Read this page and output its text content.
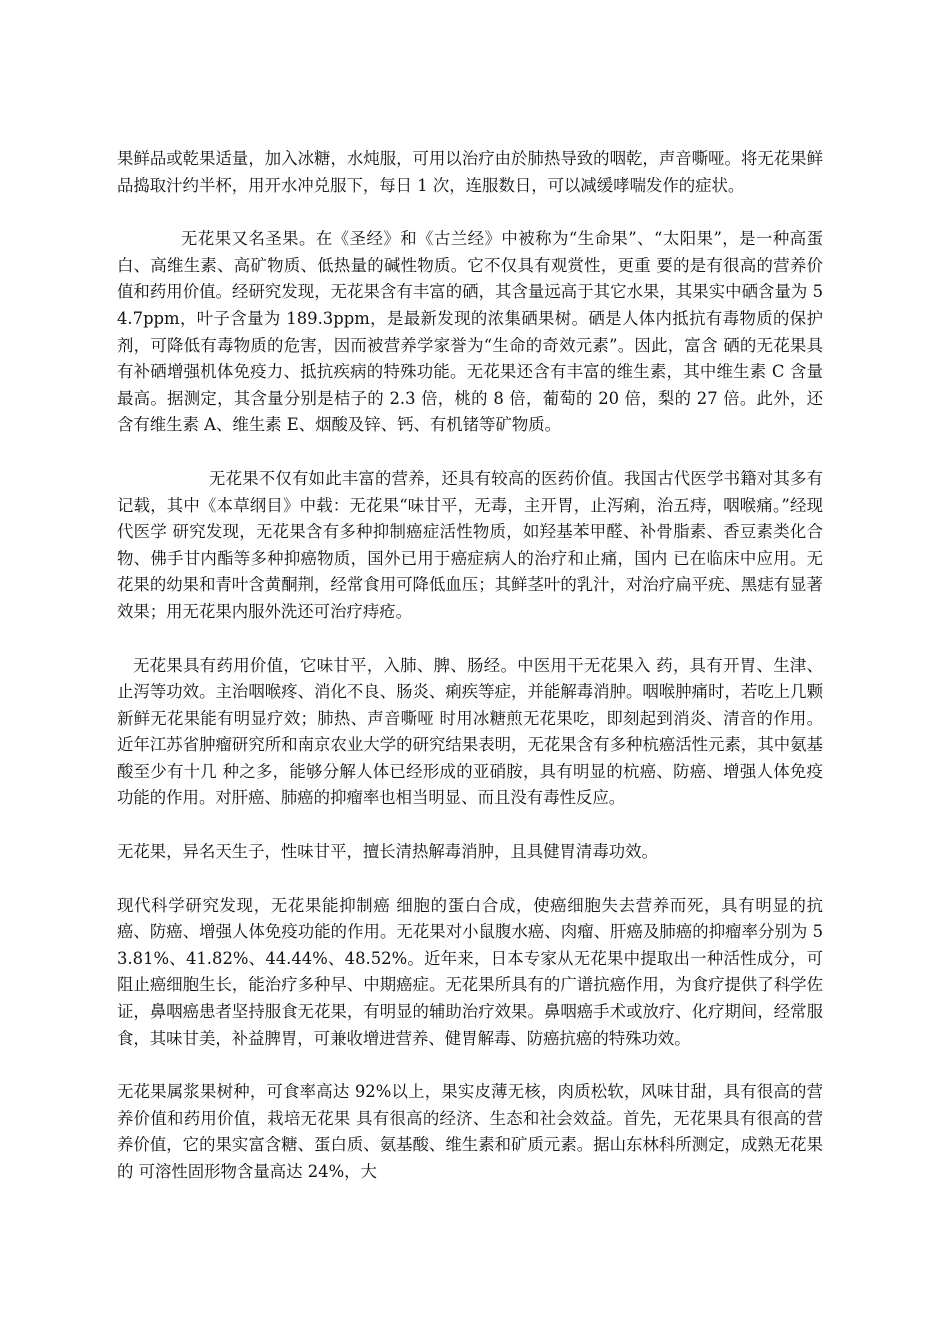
果鲜品或乾果适量，加入冰糖，水炖服，可用以治疗由於肺热导致的咽乾，声音嘶哑。将无花果鲜品捣取汁约半杯，用开水冲兑服下，每日 1 次，连服数日，可以减缓哮喘发作的症状。

无花果又名圣果。在《圣经》和《古兰经》中被称为“生命果”、“太阳果”，是一种高蛋白、高维生素、高矿物质、低热量的碱性物质。它不仅具有观赏性，更重 要的是有很高的营养价值和药用价值。经研究发现，无花果含有丰富的硒，其含量远高于其它水果，其果实中硒含量为 54.7ppm，叶子含量为 189.3ppm，是最新发现的浓集硒果树。硒是人体内抵抗有毒物质的保护剂，可降低有毒物质的危害，因而被营养学家誉为“生命的奇效元素”。因此，富含 硒的无花果具有补硒增强机体免疫力、抵抗疾病的特殊功能。无花果还含有丰富的维生素，其中维生素 C 含量最高。据测定，其含量分别是桔子的 2.3 倍，桃的 8 倍，葡萄的 20 倍，梨的 27 倍。此外，还含有维生素 A、维生素 E、烟酸及锌、钙、有机锗等矿物质。

无花果不仅有如此丰富的营养，还具有较高的医药价值。我国古代医学书籍对其多有记载，其中《本草纲目》中载：无花果“味甘平，无毒，主开胃，止泻痢，治五痔，咽喉痛。”经现代医学 研究发现，无花果含有多种抑制癌症活性物质，如羟基苯甲醛、补骨脂素、香豆素类化合物、佛手甘内酯等多种抑癌物质，国外已用于癌症病人的治疗和止痛，国内 已在临床中应用。无花果的幼果和青叶含黄酮荆，经常食用可降低血压；其鲜茎叶的乳汁，对治疗扁平疣、黑痣有显著效果；用无花果内服外洗还可治疗痔疮。

无花果具有药用价值，它味甘平，入肺、脾、肠经。中医用干无花果入 药，具有开胃、生津、止泻等功效。主治咽喉疼、消化不良、肠炎、痢疾等症，并能解毒消肿。咽喉肿痛时，若吃上几颗新鲜无花果能有明显疗效；肺热、声音嘶哑 时用冰糖煎无花果吃，即刻起到消炎、清音的作用。近年江苏省肿瘤研究所和南京农业大学的研究结果表明，无花果含有多种杭癌活性元素，其中氨基酸至少有十几 种之多，能够分解人体已经形成的亚硝胺，具有明显的杭癌、防癌、增强人体免疫功能的作用。对肝癌、肺癌的抑瘤率也相当明显、而且没有毒性反应。

无花果，异名天生子，性味甘平，擅长清热解毒消肿，且具健胃清毒功效。

现代科学研究发现，无花果能抑制癌 细胞的蛋白合成，使癌细胞失去营养而死，具有明显的抗癌、防癌、增强人体免疫功能的作用。无花果对小鼠腹水癌、肉瘤、肝癌及肺癌的抑瘤率分别为 53.81%、41.82%、44.44%、48.52%。近年来，日本专家从无花果中提取出一种活性成分，可阻止癌细胞生长，能治疗多种早、中期癌症。无花果所具有的广谱抗癌作用，为食疗提供了科学佐证，鼻咽癌患者坚持服食无花果，有明显的辅助治疗效果。鼻咽癌手术或放疗、化疗期间，经常服食，其味甘美，补益脾胃，可兼收增进营养、健胃解毒、防癌抗癌的特殊功效。

无花果属浆果树种，可食率高达 92%以上，果实皮薄无核，肉质松软，风味甘甜，具有很高的营养价值和药用价值，栽培无花果 具有很高的经济、生态和社会效益。首先，无花果具有很高的营养价值，它的果实富含糖、蛋白质、氨基酸、维生素和矿质元素。据山东林科所测定，成熟无花果的 可溶性固形物含量高达 24%，大
